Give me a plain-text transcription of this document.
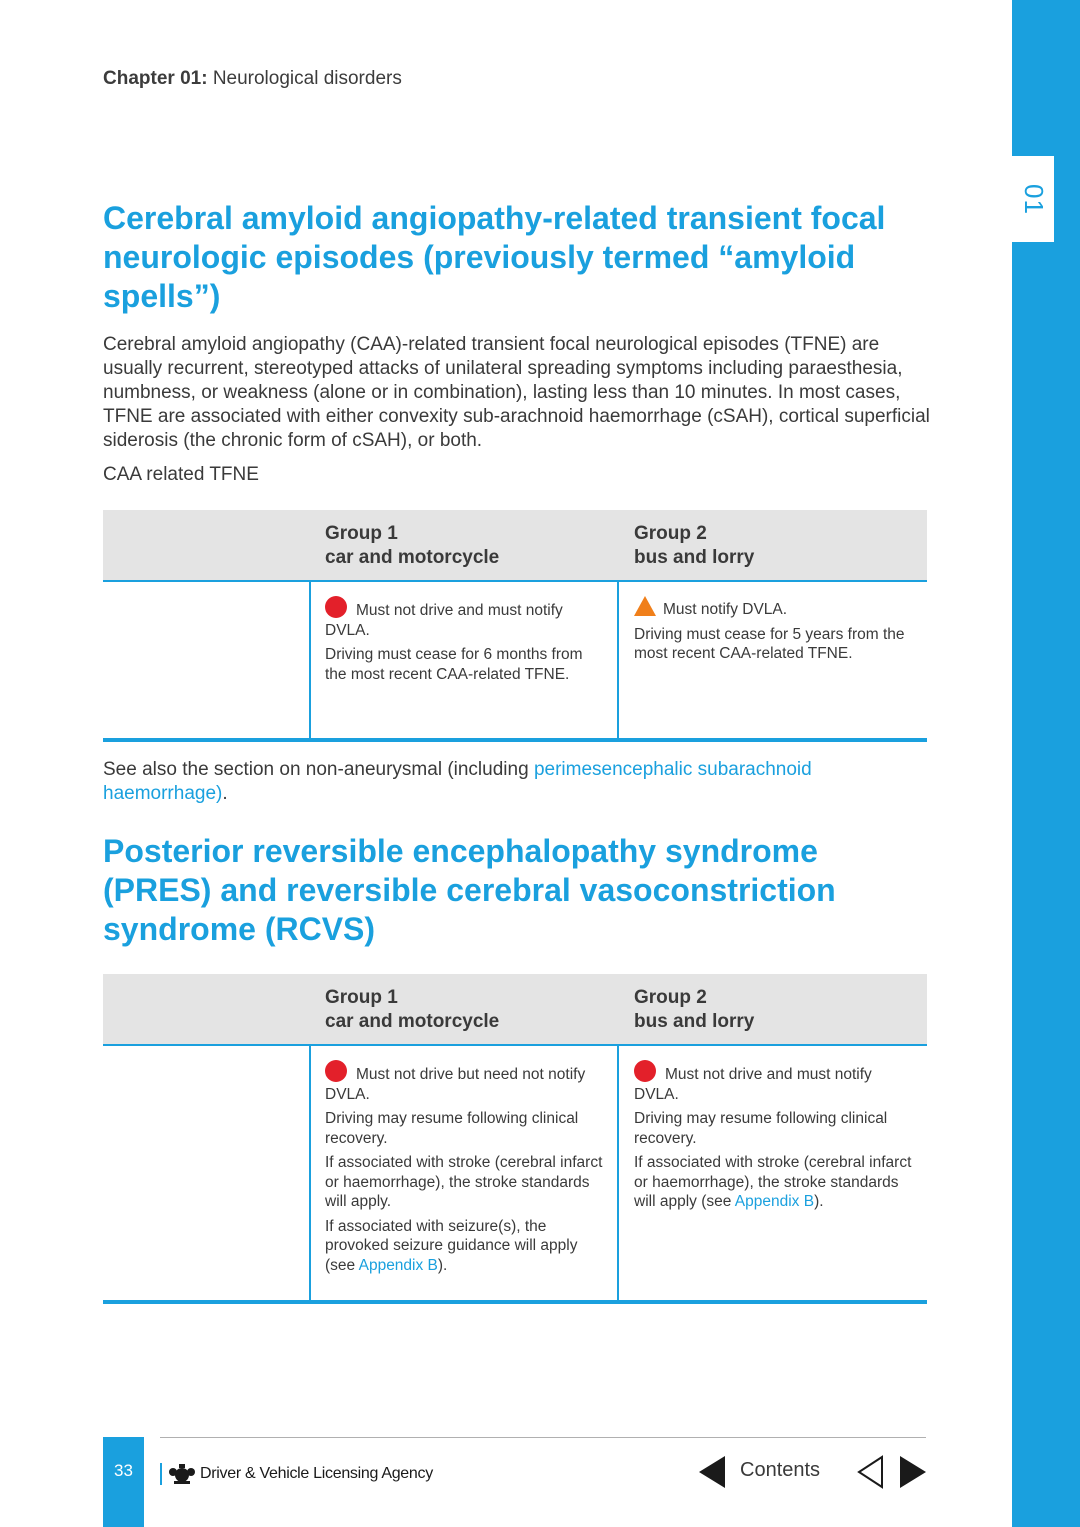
01
Chapter 01: Neurological disorders
Cerebral amyloid angiopathy-related transient focal neurologic episodes (previously termed “amyloid spells”)

Cerebral amyloid angiopathy (CAA)-related transient focal neurological episodes (TFNE) are usually recurrent, stereotyped attacks of unilateral spreading symptoms including paraesthesia, numbness, or weakness (alone or in combination), lasting less than 10 minutes. In most cases, TFNE are associated with either convexity sub-arachnoid haemorrhage (cSAH), cortical superficial siderosis (the chronic form of cSAH), or both.

CAA related TFNE

Group 1
car and motorcycle
Group 2
bus and lorry

Must not drive and must notify DVLA.

Driving must cease for 6 months from the most recent CAA-related TFNE.

Must notify DVLA.

Driving must cease for 5 years from the most recent CAA-related TFNE.

See also the section on non-aneurysmal (including perimesencephalic subarachnoid haemorrhage).

Posterior reversible encephalopathy syndrome (PRES) and reversible cerebral vasoconstriction syndrome (RCVS)
Group 1
car and motorcycle
Group 2
bus and lorry

Must not drive but need not notify DVLA.

Driving may resume following clinical recovery.

If associated with stroke (cerebral infarct or haemorrhage), the stroke standards will apply.

If associated with seizure(s), the provoked seizure guidance will apply (see Appendix B).

Must not drive and must notify DVLA.

Driving may resume following clinical recovery.

If associated with stroke (cerebral infarct or haemorrhage), the stroke standards will apply (see Appendix B).

33	Driver & Vehicle Licensing Agency	Contents
